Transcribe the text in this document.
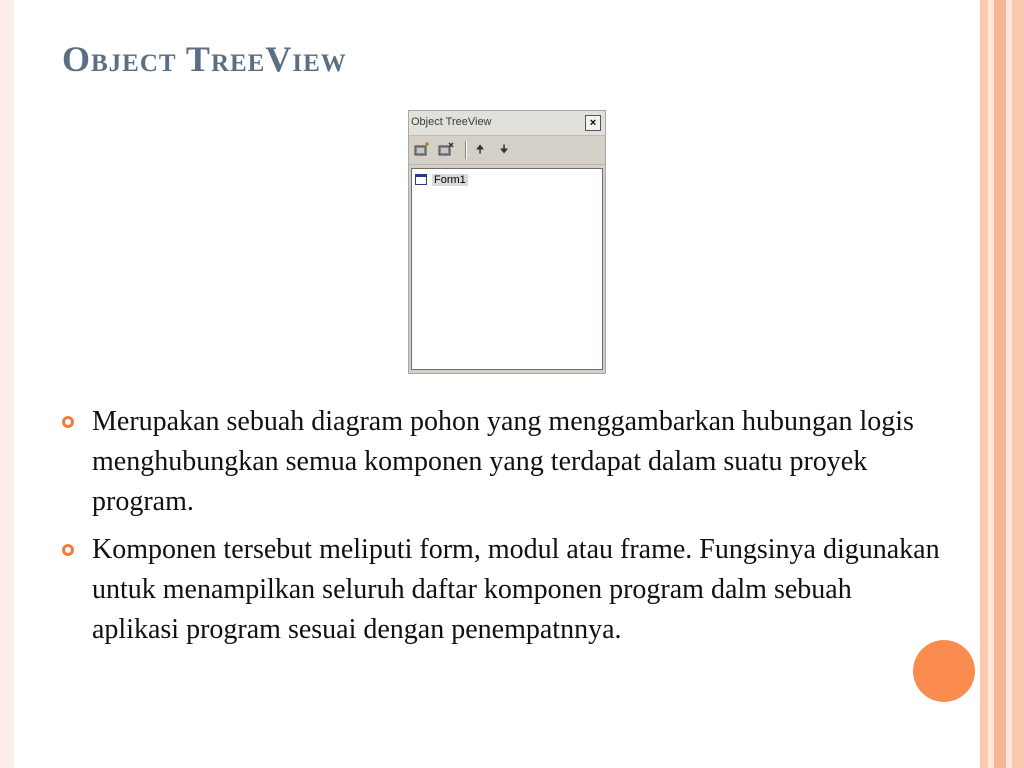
Object TreeView
Object TreeView	×
🠉	🠋
Form1
Merupakan sebuah diagram pohon yang menggambarkan hubungan logis menghubungkan semua komponen yang terdapat dalam suatu proyek program.
Komponen tersebut meliputi form, modul atau frame. Fungsinya digunakan untuk menampilkan seluruh daftar komponen program dalm sebuah aplikasi program sesuai dengan penempatnnya.
